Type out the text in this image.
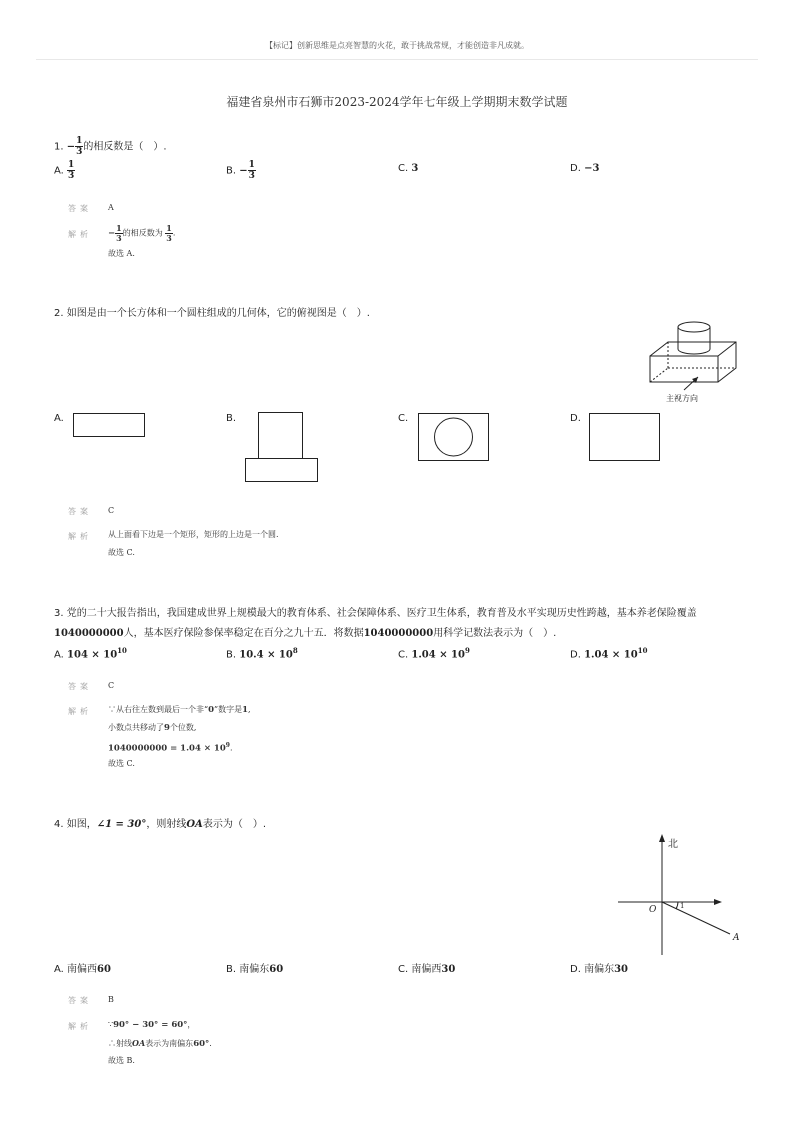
【标记】创新思维是点亮智慧的火花，敢于挑战常规，才能创造非凡成就。
福建省泉州市石狮市2023-2024学年七年级上学期期末数学试题
1. − $\frac{1}{3}$ 的相反数是（　）.
A. $\frac{1}{3}$	B. − $\frac{1}{3}$	C. 3	D. −3
答案 A
解析 − $\frac{1}{3}$ 的相反数为 $\frac{1}{3}$ .
故选 A.
2. 如图是由一个长方体和一个圆柱组成的几何体，它的俯视图是（　）.
主视方向
A.	B.	C.	D.
答案 C
解析 从上面看下边是一个矩形，矩形的上边是一个圆.
故选 C.
3. 党的二十大报告指出，我国建成世界上规模最大的教育体系、社会保障体系、医疗卫生体系，教育普及水平实现历史性跨越，基本养老保险覆盖
1040000000人，基本医疗保险参保率稳定在百分之九十五．将数据1040000000用科学记数法表示为（　）.
A. $104 \times 10^{10}$	B. $10.4 \times 10^8$	C. $1.04 \times 10^9$	D. $1.04 \times 10^{10}$
答案 C
解析 ∵从右往左数到最后一个非“0”数字是1,
小数点共移动了9个位数,
$1040000000 = 1.04 \times 10^9$.
故选 C.
4. 如图，∠1 = 30°，则射线OA表示为（　）.
北
O	1
A
A. 南偏西60	B. 南偏东60	C. 南偏西30	D. 南偏东30
答案 B
解析 ∵90° − 30° = 60°，
∴射线OA表示为南偏东60°.
故选 B.
